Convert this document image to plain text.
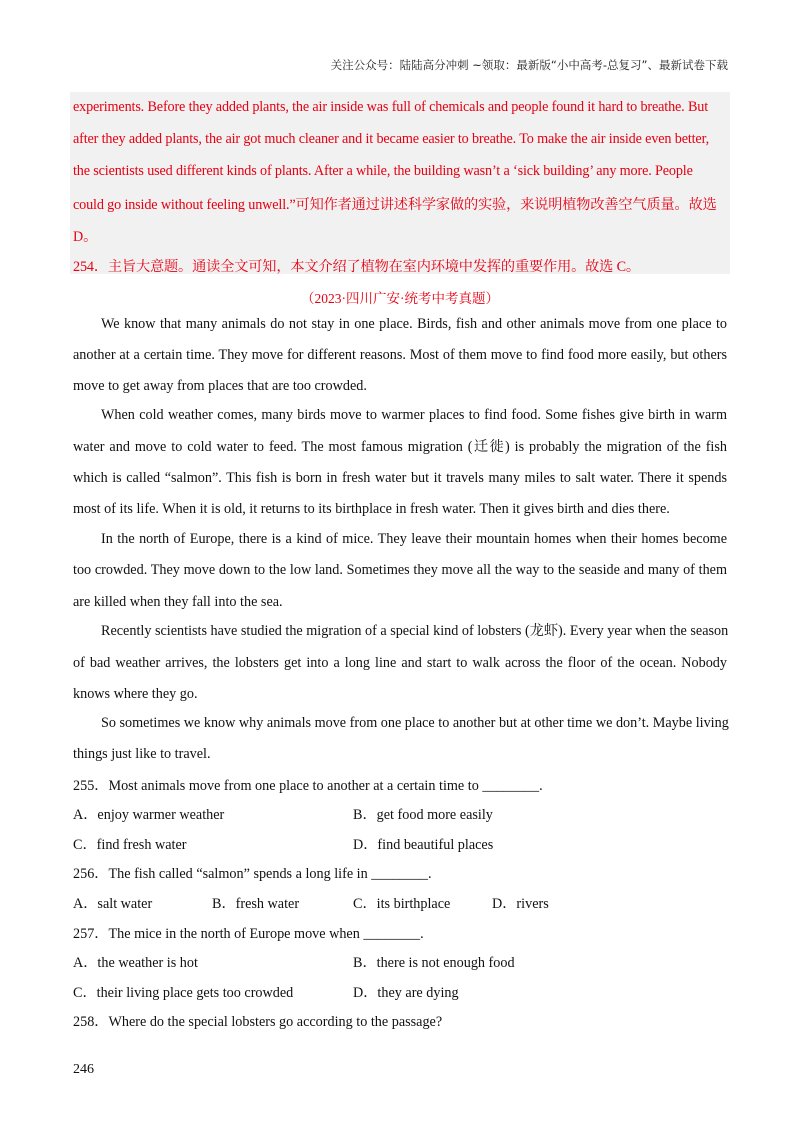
关注公众号：陆陆高分冲刺 ~领取：最新版“小中高考-总复习”、最新试卷下载
experiments. Before they added plants, the air inside was full of chemicals and people found it hard to breathe. But
after they added plants, the air got much cleaner and it became easier to breathe. To make the air inside even better,
the scientists used different kinds of plants. After a while, the building wasn’t a ‘sick building’ any more. People
could go inside without feeling unwell.”可知作者通过讲述科学家做的实验，来说明植物改善空气质量。故选
D。
254．主旨大意题。通读全文可知，本文介绍了植物在室内环境中发挥的重要作用。故选 C。
（2023·四川广安·统考中考真题）
We know that many animals do not stay in one place. Birds, fish and other animals move from one place to
another at a certain time. They move for different reasons. Most of them move to find food more easily, but others
move to get away from places that are too crowded.
When cold weather comes, many birds move to warmer places to find food. Some fishes give birth in warm
water and move to cold water to feed. The most famous migration (迁徙) is probably the migration of the fish
which is called “salmon”. This fish is born in fresh water but it travels many miles to salt water. There it spends
most of its life. When it is old, it returns to its birthplace in fresh water. Then it gives birth and dies there.
In the north of Europe, there is a kind of mice. They leave their mountain homes when their homes become
too crowded. They move down to the low land. Sometimes they move all the way to the seaside and many of them
are killed when they fall into the sea.
Recently scientists have studied the migration of a special kind of lobsters (龙虾). Every year when the season
of bad weather arrives, the lobsters get into a long line and start to walk across the floor of the ocean. Nobody
knows where they go.
So sometimes we know why animals move from one place to another but at other time we don’t. Maybe living
things just like to travel.
255．Most animals move from one place to another at a certain time to ________.
A．enjoy warmer weather	B．get food more easily
C．find fresh water	D．find beautiful places
256．The fish called “salmon” spends a long life in ________.
A．salt water	B．fresh water	C．its birthplace	D．rivers
257．The mice in the north of Europe move when ________.
A．the weather is hot	B．there is not enough food
C．their living place gets too crowded	D．they are dying
258．Where do the special lobsters go according to the passage?
246
